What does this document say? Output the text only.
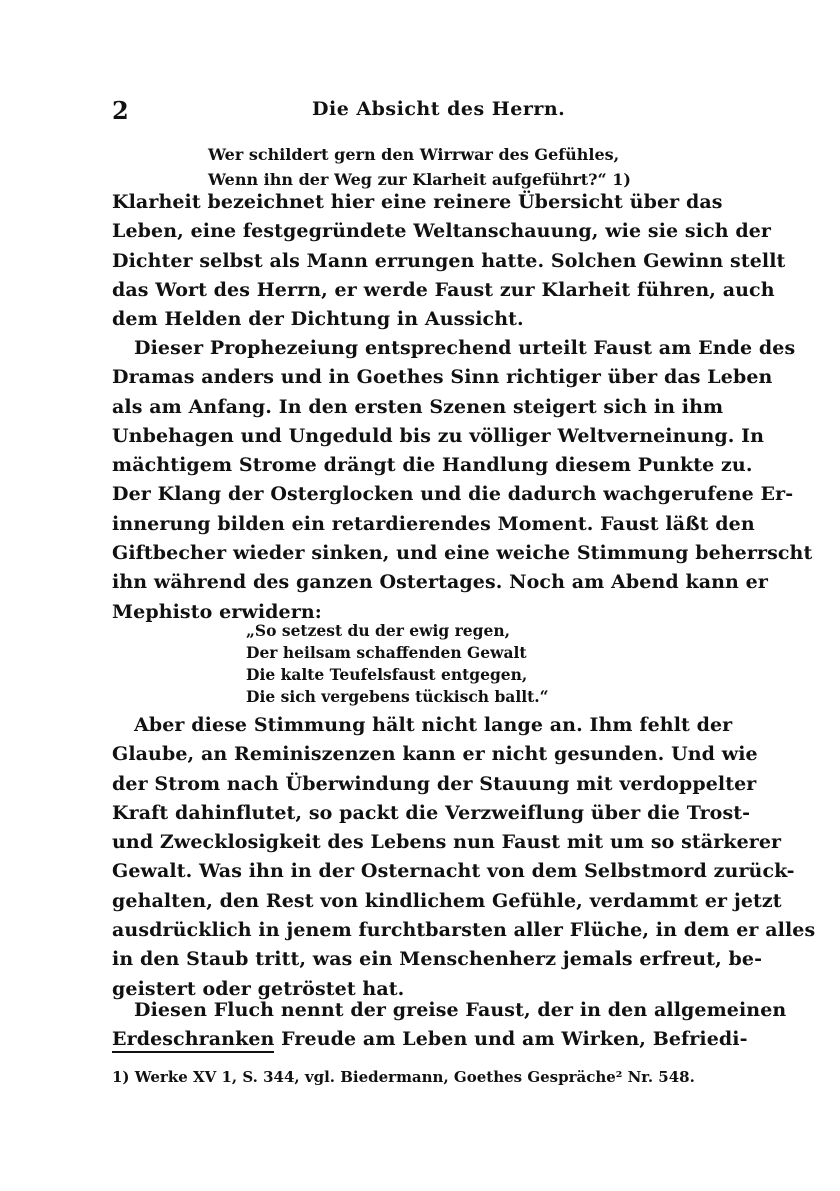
2	Die Absicht des Herrn.
Wer schildert gern den Wirrwar des Gefühles,
Wenn ihn der Weg zur Klarheit aufgeführt?“ 1)
Klarheit bezeichnet hier eine reinere Übersicht über das
Leben, eine festgegründete Weltanschauung, wie sie sich der
Dichter selbst als Mann errungen hatte. Solchen Gewinn stellt
das Wort des Herrn, er werde Faust zur Klarheit führen, auch
dem Helden der Dichtung in Aussicht.
Dieser Prophezeiung entsprechend urteilt Faust am Ende des
Dramas anders und in Goethes Sinn richtiger über das Leben
als am Anfang. In den ersten Szenen steigert sich in ihm
Unbehagen und Ungeduld bis zu völliger Weltverneinung. In
mächtigem Strome drängt die Handlung diesem Punkte zu.
Der Klang der Osterglocken und die dadurch wachgerufene Er-
innerung bilden ein retardierendes Moment. Faust läßt den
Giftbecher wieder sinken, und eine weiche Stimmung beherrscht
ihn während des ganzen Ostertages. Noch am Abend kann er
Mephisto erwidern:
„So setzest du der ewig regen,
Der heilsam schaffenden Gewalt
Die kalte Teufelsfaust entgegen,
Die sich vergebens tückisch ballt.“
Aber diese Stimmung hält nicht lange an. Ihm fehlt der
Glaube, an Reminiszenzen kann er nicht gesunden. Und wie
der Strom nach Überwindung der Stauung mit verdoppelter
Kraft dahinflutet, so packt die Verzweiflung über die Trost-
und Zwecklosigkeit des Lebens nun Faust mit um so stärkerer
Gewalt. Was ihn in der Osternacht von dem Selbstmord zurück-
gehalten, den Rest von kindlichem Gefühle, verdammt er jetzt
ausdrücklich in jenem furchtbarsten aller Flüche, in dem er alles
in den Staub tritt, was ein Menschenherz jemals erfreut, be-
geistert oder getröstet hat.
Diesen Fluch nennt der greise Faust, der in den allgemeinen
Erdeschranken Freude am Leben und am Wirken, Befriedi-
1) Werke XV 1, S. 344, vgl. Biedermann, Goethes Gespräche² Nr. 548.
